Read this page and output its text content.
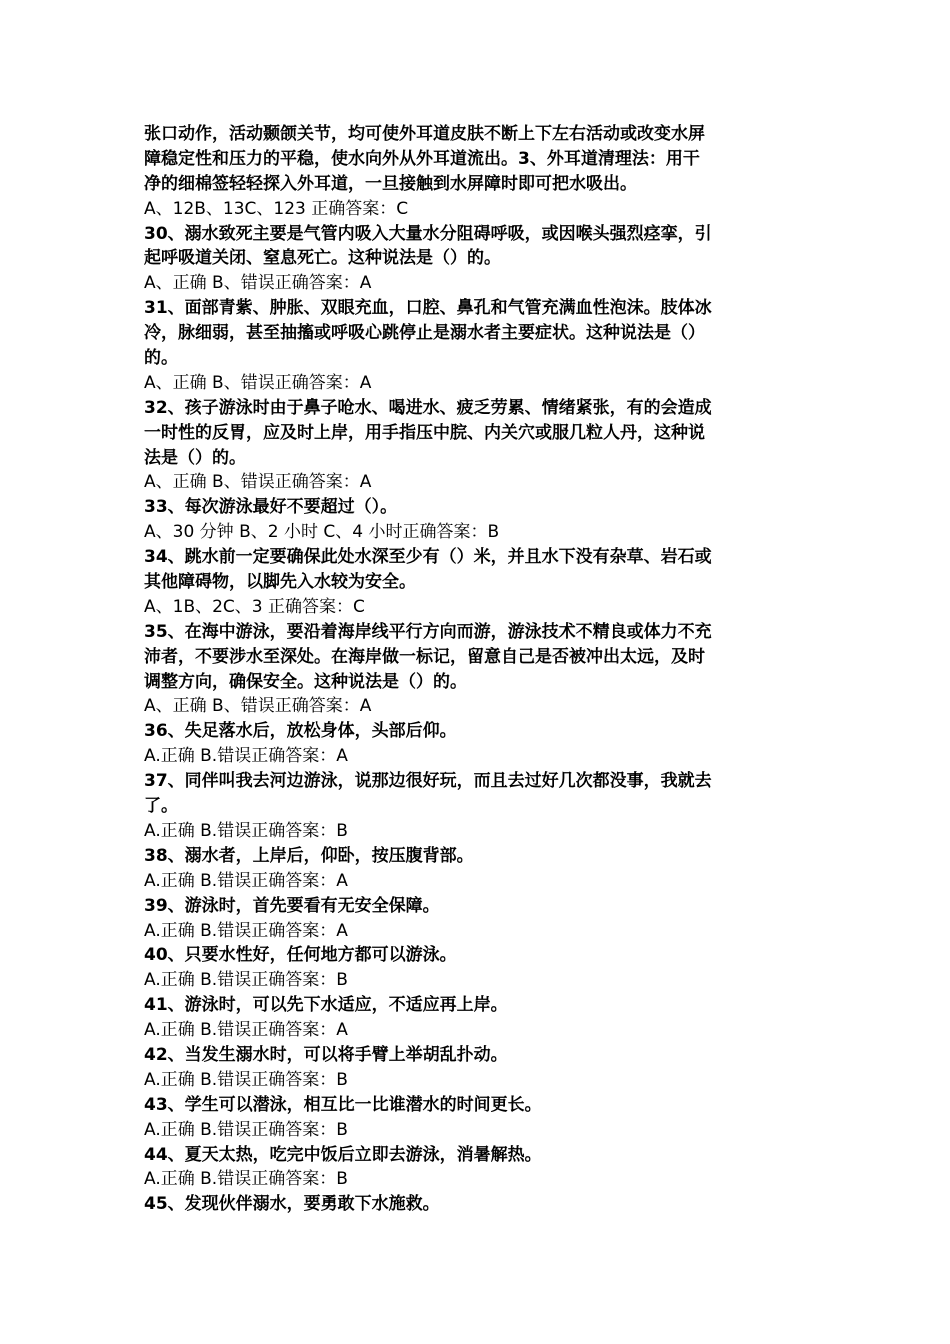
张口动作，活动颞颌关节，均可使外耳道皮肤不断上下左右活动或改变水屏
障稳定性和压力的平稳，使水向外从外耳道流出。3、外耳道清理法：用干
净的细棉签轻轻探入外耳道，一旦接触到水屏障时即可把水吸出。
A、12B、13C、123 正确答案：C
30、溺水致死主要是气管内吸入大量水分阻碍呼吸，或因喉头强烈痉挛，引
起呼吸道关闭、窒息死亡。这种说法是（）的。
A、正确 B、错误正确答案：A
31、面部青紫、肿胀、双眼充血，口腔、鼻孔和气管充满血性泡沫。肢体冰
冷，脉细弱，甚至抽搐或呼吸心跳停止是溺水者主要症状。这种说法是（）
的。
A、正确 B、错误正确答案：A
32、孩子游泳时由于鼻子呛水、喝进水、疲乏劳累、情绪紧张，有的会造成
一时性的反胃，应及时上岸，用手指压中脘、内关穴或服几粒人丹，这种说
法是（）的。
A、正确 B、错误正确答案：A
33、每次游泳最好不要超过（）。
A、30 分钟 B、2 小时 C、4 小时正确答案：B
34、跳水前一定要确保此处水深至少有（）米，并且水下没有杂草、岩石或
其他障碍物，以脚先入水较为安全。
A、1B、2C、3 正确答案：C
35、在海中游泳，要沿着海岸线平行方向而游，游泳技术不精良或体力不充
沛者，不要涉水至深处。在海岸做一标记，留意自己是否被冲出太远，及时
调整方向，确保安全。这种说法是（）的。
A、正确 B、错误正确答案：A
36、失足落水后，放松身体，头部后仰。
A.正确 B.错误正确答案：A
37、同伴叫我去河边游泳，说那边很好玩，而且去过好几次都没事，我就去
了。
A.正确 B.错误正确答案：B
38、溺水者，上岸后，仰卧，按压腹背部。
A.正确 B.错误正确答案：A
39、游泳时，首先要看有无安全保障。
A.正确 B.错误正确答案：A
40、只要水性好，任何地方都可以游泳。
A.正确 B.错误正确答案：B
41、游泳时，可以先下水适应，不适应再上岸。
A.正确 B.错误正确答案：A
42、当发生溺水时，可以将手臂上举胡乱扑动。
A.正确 B.错误正确答案：B
43、学生可以潜泳，相互比一比谁潜水的时间更长。
A.正确 B.错误正确答案：B
44、夏天太热，吃完中饭后立即去游泳，消暑解热。
A.正确 B.错误正确答案：B
45、发现伙伴溺水，要勇敢下水施救。
